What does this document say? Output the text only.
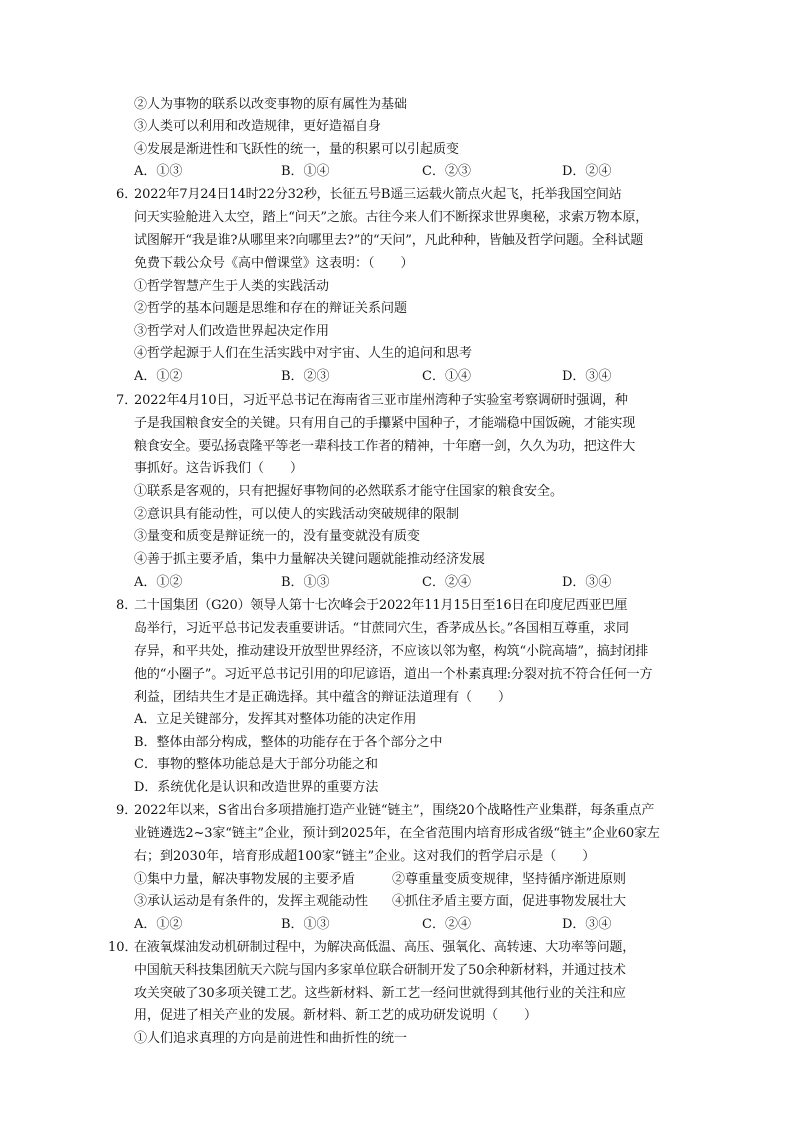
②人为事物的联系以改变事物的原有属性为基础
③人类可以利用和改造规律，更好造福自身
④发展是渐进性和飞跃性的统一，量的积累可以引起质变
A．①③	B．①④	C．②③	D．②④
6．
2022年7月24日14时22分32秒，长征五号B遥三运载火箭点火起飞，托举我国空间站
问天实验舱进入太空，踏上“问天”之旅。古往今来人们不断探求世界奥秘，求索万物本原，
试图解开“我是谁?从哪里来?向哪里去?”的“天问”，凡此种种，皆触及哲学问题。全科试题
免费下载公众号《高中僧课堂》这表明：（　　）
①哲学智慧产生于人类的实践活动
②哲学的基本问题是思维和存在的辩证关系问题
③哲学对人们改造世界起决定作用
④哲学起源于人们在生活实践中对宇宙、人生的追问和思考
A．①②	B．②③	C．①④	D．③④
7．
2022年4月10日，习近平总书记在海南省三亚市崖州湾种子实验室考察调研时强调，种
子是我国粮食安全的关键。只有用自己的手攥紧中国种子，才能端稳中国饭碗，才能实现
粮食安全。要弘扬袁隆平等老一辈科技工作者的精神，十年磨一剑，久久为功，把这件大
事抓好。这告诉我们（　　）
①联系是客观的，只有把握好事物间的必然联系才能守住国家的粮食安全。
②意识具有能动性，可以使人的实践活动突破规律的限制
③量变和质变是辩证统一的，没有量变就没有质变
④善于抓主要矛盾，集中力量解决关键问题就能推动经济发展
A．①②	B．①③	C．②④	D．③④
8．
二十国集团（G20）领导人第十七次峰会于2022年11月15日至16日在印度尼西亚巴厘
岛举行，习近平总书记发表重要讲话。“甘蔗同穴生，香茅成丛长。”各国相互尊重，求同
存异，和平共处，推动建设开放型世界经济，不应该以邻为壑，构筑“小院高墙”，搞封闭排
他的“小圈子”。习近平总书记引用的印尼谚语，道出一个朴素真理:分裂对抗不符合任何一方
利益，团结共生才是正确选择。其中蕴含的辩证法道理有（　　）
A．立足关键部分，发挥其对整体功能的决定作用
B．整体由部分构成，整体的功能存在于各个部分之中
C．事物的整体功能总是大于部分功能之和
D．系统优化是认识和改造世界的重要方法
9．
2022年以来，S省出台多项措施打造产业链“链主”，围绕20个战略性产业集群，每条重点产
业链遴选2~3家“链主”企业，预计到2025年，在全省范围内培育形成省级“链主”企业60家左
右；到2030年，培育形成超100家“链主”企业。这对我们的哲学启示是（　　）
①集中力量，解决事物发展的主要矛盾	②尊重量变质变规律，坚持循序渐进原则
③承认运动是有条件的，发挥主观能动性 ④抓住矛盾主要方面，促进事物发展壮大
A．①②	B．①③	C．②④	D．③④
10．
在液氧煤油发动机研制过程中，为解决高低温、高压、强氧化、高转速、大功率等问题，
中国航天科技集团航天六院与国内多家单位联合研制开发了50余种新材料，并通过技术
攻关突破了30多项关键工艺。这些新材料、新工艺一经问世就得到其他行业的关注和应
用，促进了相关产业的发展。新材料、新工艺的成功研发说明（　　）
①人们追求真理的方向是前进性和曲折性的统一
